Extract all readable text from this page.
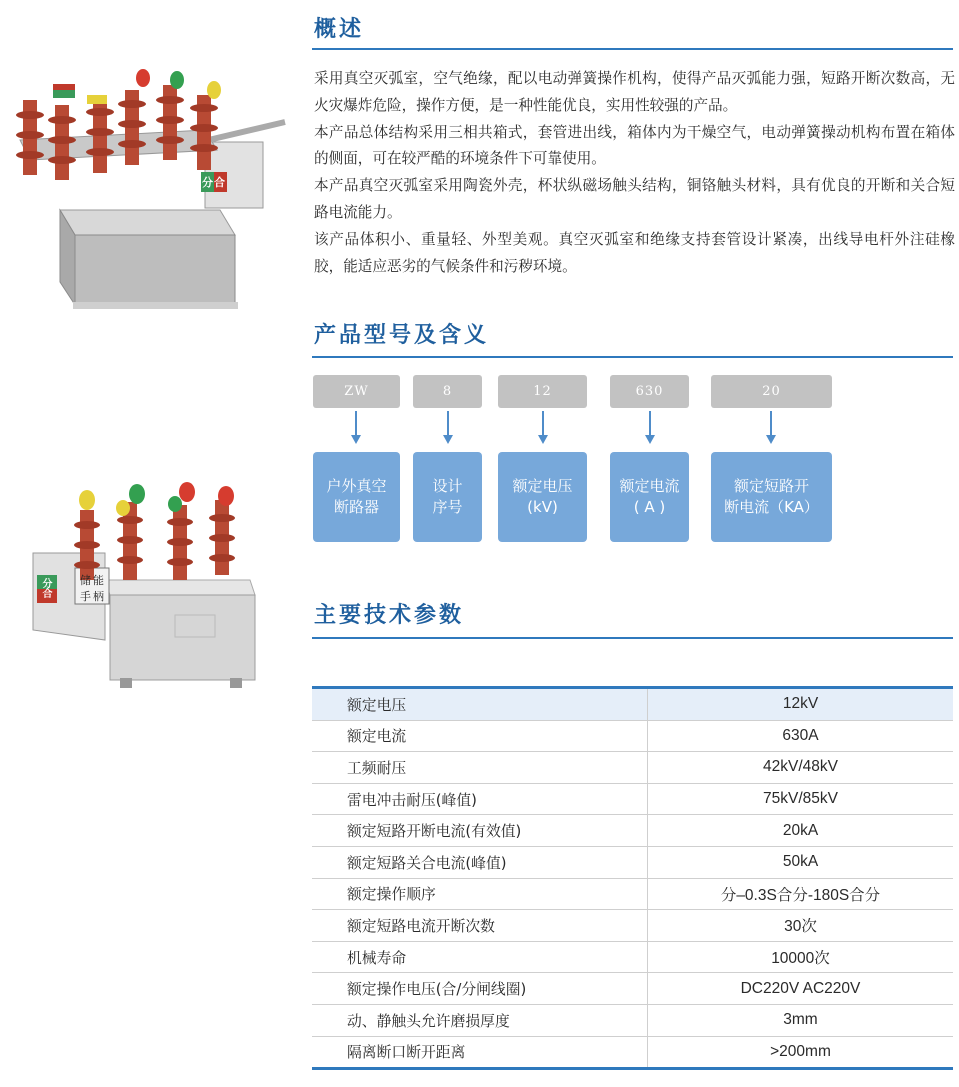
分合
分合	储能
手柄
概述

采用真空灭弧室，空气绝缘，配以电动弹簧操作机构，使得产品灭弧能力强，短路开断次数高，无火灾爆炸危险，操作方便，是一种性能优良，实用性较强的产品。

本产品总体结构采用三相共箱式，套管进出线，箱体内为干燥空气，电动弹簧操动机构布置在箱体的侧面，可在较严酷的环境条件下可靠使用。

本产品真空灭弧室采用陶瓷外壳，杯状纵磁场触头结构，铜铬触头材料，具有优良的开断和关合短路电流能力。

该产品体积小、重量轻、外型美观。真空灭弧室和绝缘支持套管设计紧凑，出线导电杆外注硅橡胶，能适应恶劣的气候条件和污秽环境。

产品型号及含义
ZW	8	12	630	20
户外真空
断路器
设计
序号
额定电压
(kV)
额定电流
( A )
额定短路开
断电流（KA）
主要技术参数
额定电压	12kV
额定电流	630A
工频耐压	42kV/48kV
雷电冲击耐压(峰值)	75kV/85kV
额定短路开断电流(有效值)	20kA
额定短路关合电流(峰值)	50kA
额定操作顺序	分–0.3S合分-180S合分
额定短路电流开断次数	30次
机械寿命	10000次
额定操作电压(合/分闸线圈)	DC220V AC220V
动、静触头允许磨损厚度	3mm
隔离断口断开距离	>200mm
